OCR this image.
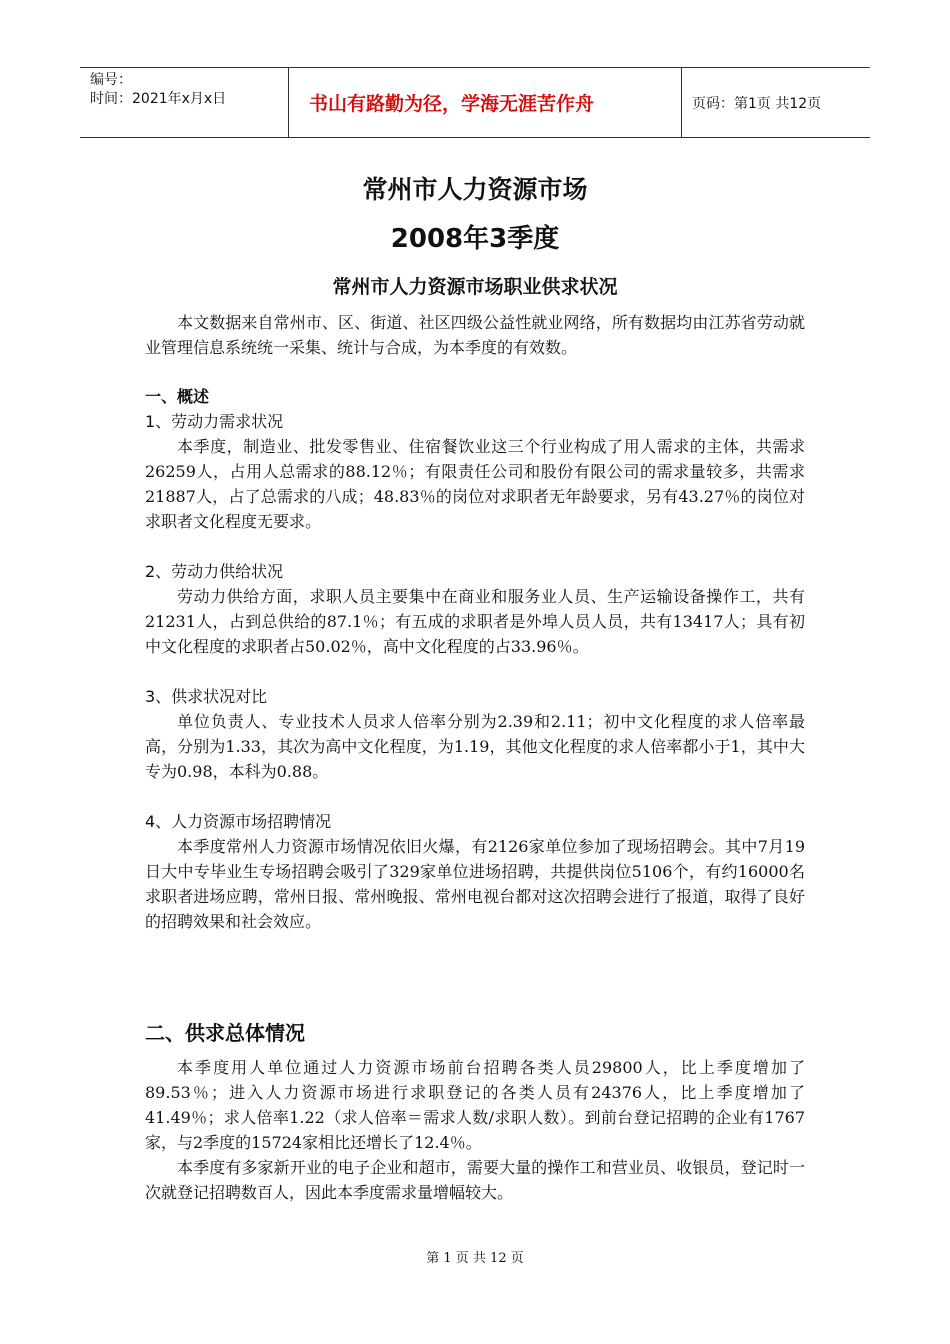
编号：
时间：2021年x月x日	书山有路勤为径，学海无涯苦作舟	页码：第1页 共12页
常州市人力资源市场
2008年3季度
常州市人力资源市场职业供求状况

本文数据来自常州市、区、街道、社区四级公益性就业网络，所有数据均由江苏省劳动就业管理信息系统统一采集、统计与合成，为本季度的有效数。

一、概述

1、劳动力需求状况

本季度，制造业、批发零售业、住宿餐饮业这三个行业构成了用人需求的主体，共需求26259人，占用人总需求的88.12％；有限责任公司和股份有限公司的需求量较多，共需求21887人，占了总需求的八成；48.83％的岗位对求职者无年龄要求，另有43.27％的岗位对求职者文化程度无要求。

2、劳动力供给状况

劳动力供给方面，求职人员主要集中在商业和服务业人员、生产运输设备操作工，共有21231人，占到总供给的87.1％；有五成的求职者是外埠人员人员，共有13417人；具有初中文化程度的求职者占50.02％，高中文化程度的占33.96％。

3、供求状况对比

单位负责人、专业技术人员求人倍率分别为2.39和2.11；初中文化程度的求人倍率最高，分别为1.33，其次为高中文化程度，为1.19，其他文化程度的求人倍率都小于1，其中大专为0.98，本科为0.88。

4、人力资源市场招聘情况

本季度常州人力资源市场情况依旧火爆，有2126家单位参加了现场招聘会。其中7月19日大中专毕业生专场招聘会吸引了329家单位进场招聘，共提供岗位5106个，有约16000名求职者进场应聘，常州日报、常州晚报、常州电视台都对这次招聘会进行了报道，取得了良好的招聘效果和社会效应。

二、供求总体情况

本季度用人单位通过人力资源市场前台招聘各类人员29800人，比上季度增加了89.53％；进入人力资源市场进行求职登记的各类人员有24376人，比上季度增加了41.49％；求人倍率1.22（求人倍率＝需求人数/求职人数）。到前台登记招聘的企业有1767家，与2季度的15724家相比还增长了12.4％。

本季度有多家新开业的电子企业和超市，需要大量的操作工和营业员、收银员，登记时一次就登记招聘数百人，因此本季度需求量增幅较大。

第 1 页 共 12 页
